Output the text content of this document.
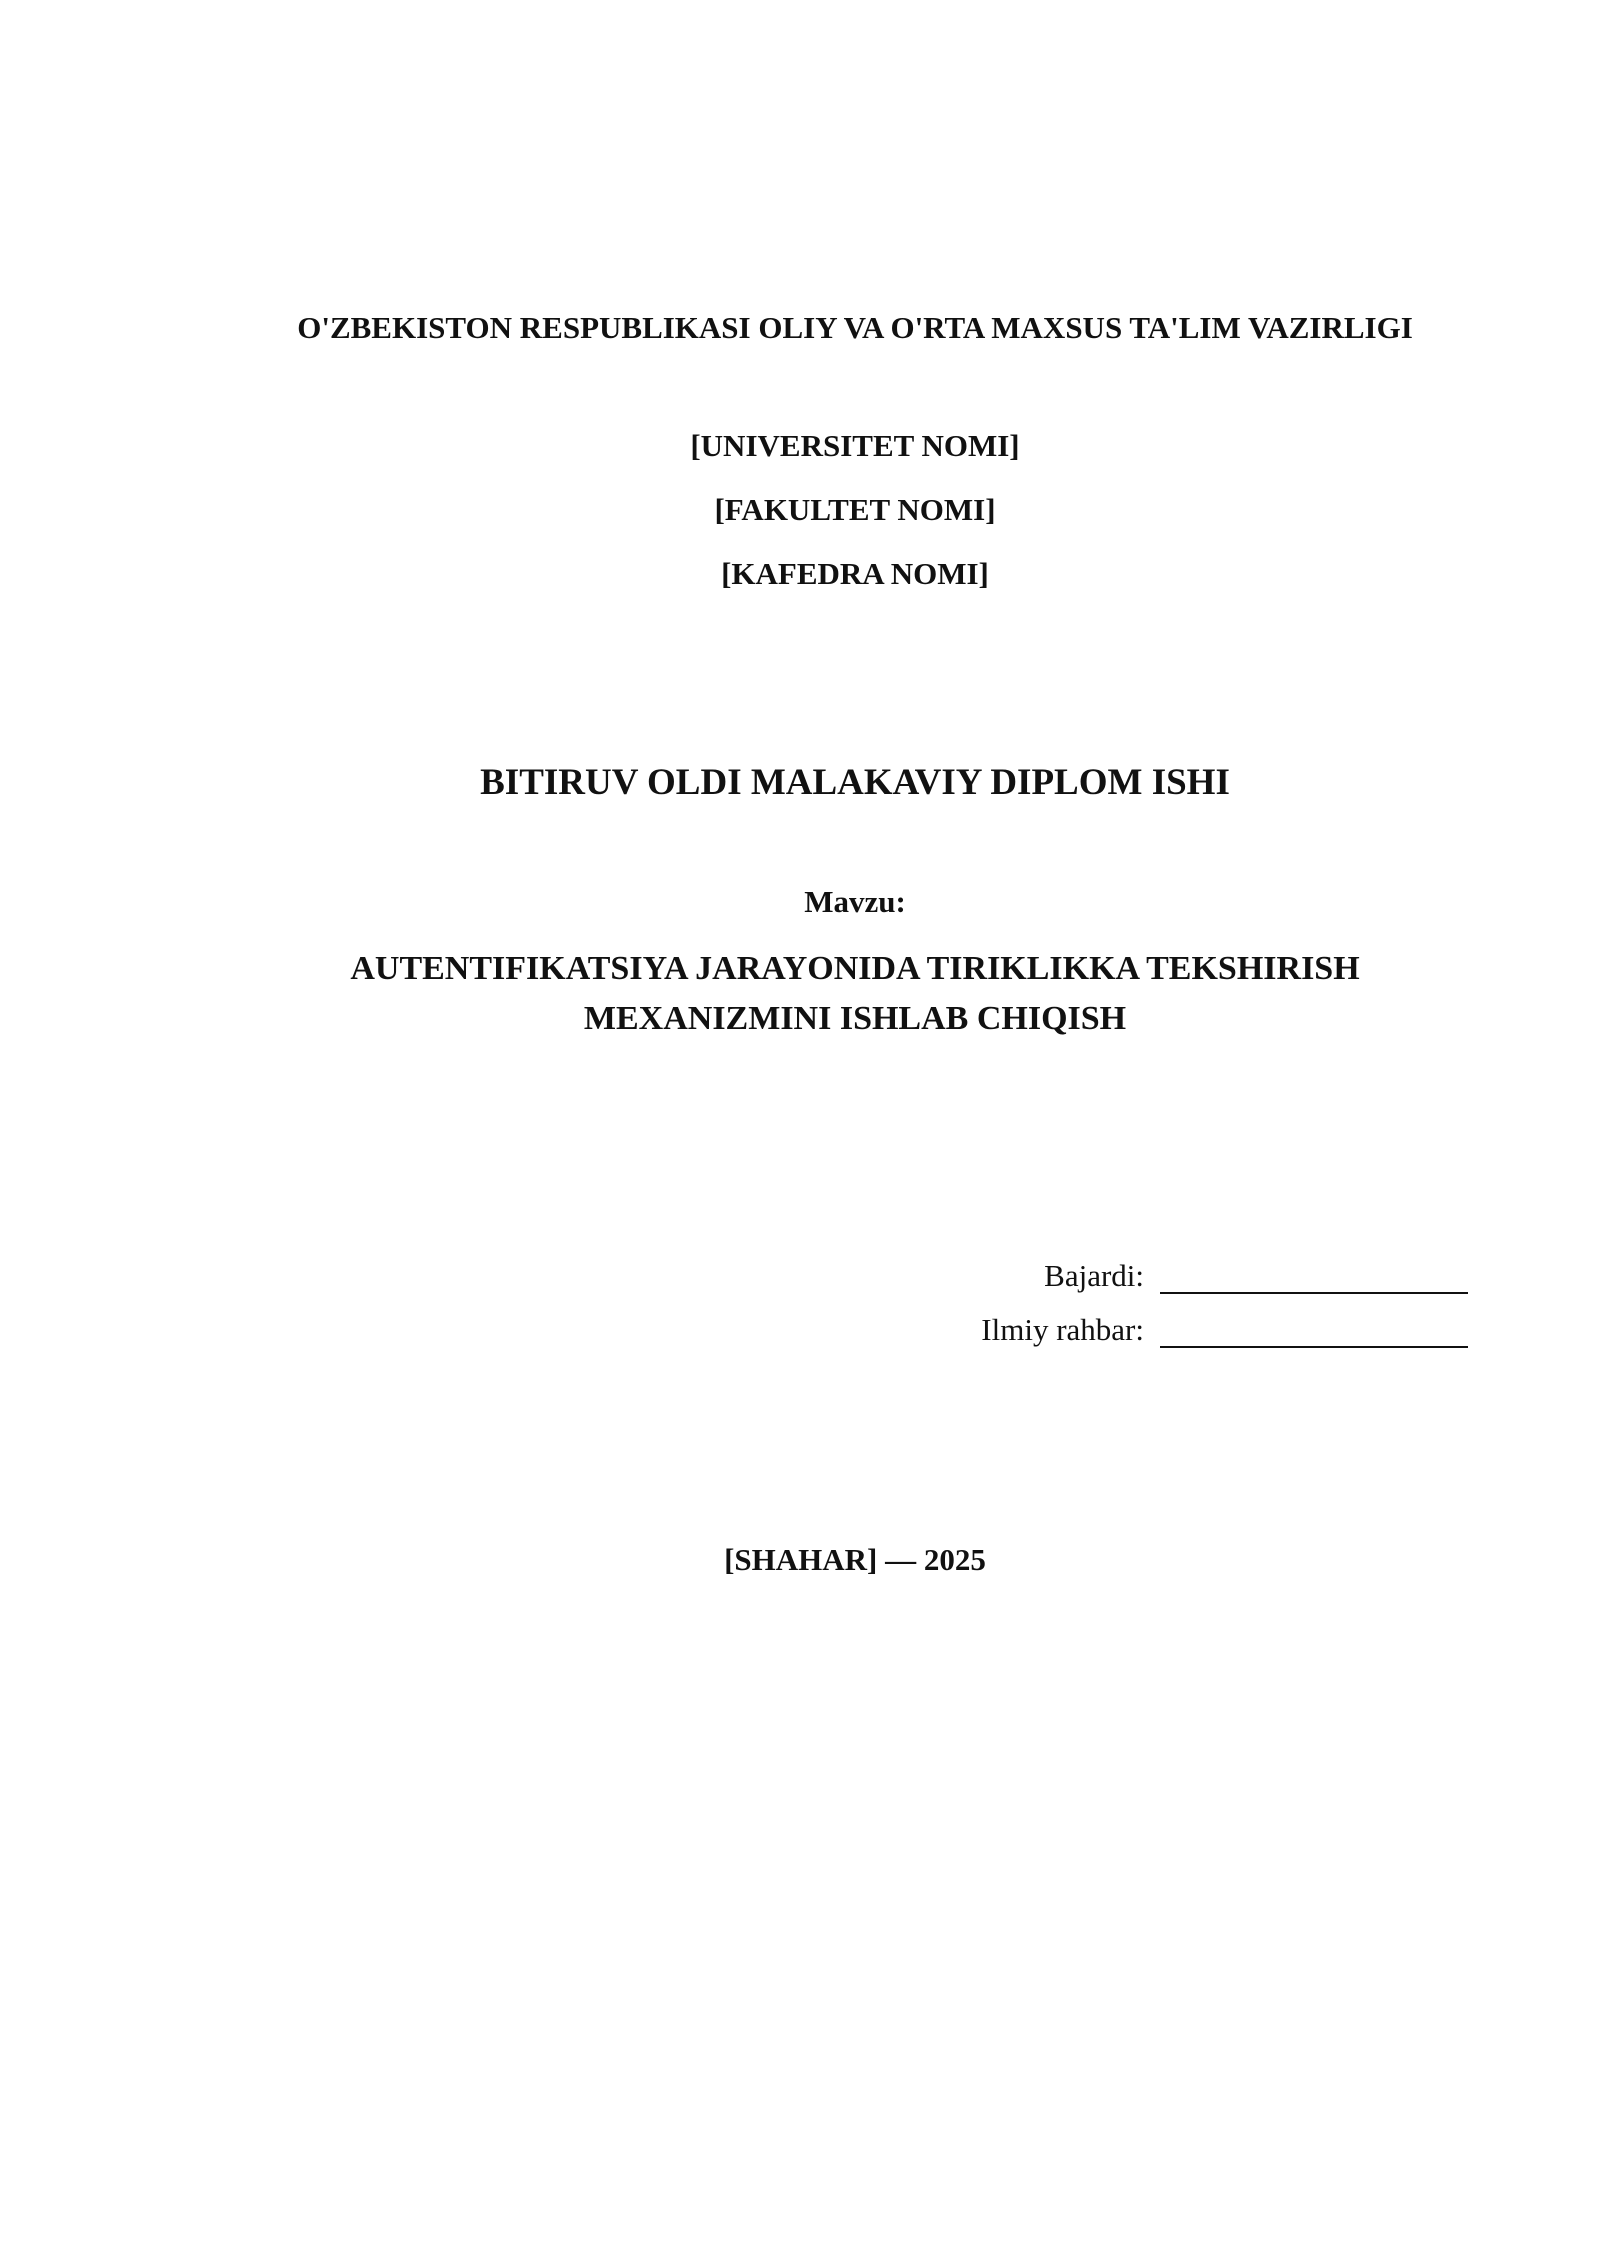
O'ZBEKISTON RESPUBLIKASI OLIY VA O'RTA MAXSUS TA'LIM VAZIRLIGI
[UNIVERSITET NOMI]
[FAKULTET NOMI]
[KAFEDRA NOMI]
BITIRUV OLDI MALAKAVIY DIPLOM ISHI
Mavzu:
AUTENTIFIKATSIYA JARAYONIDA TIRIKLIKKA TEKSHIRISH
MEXANIZMINI ISHLAB CHIQISH
Bajardi:
Ilmiy rahbar:
[SHAHAR] — 2025
